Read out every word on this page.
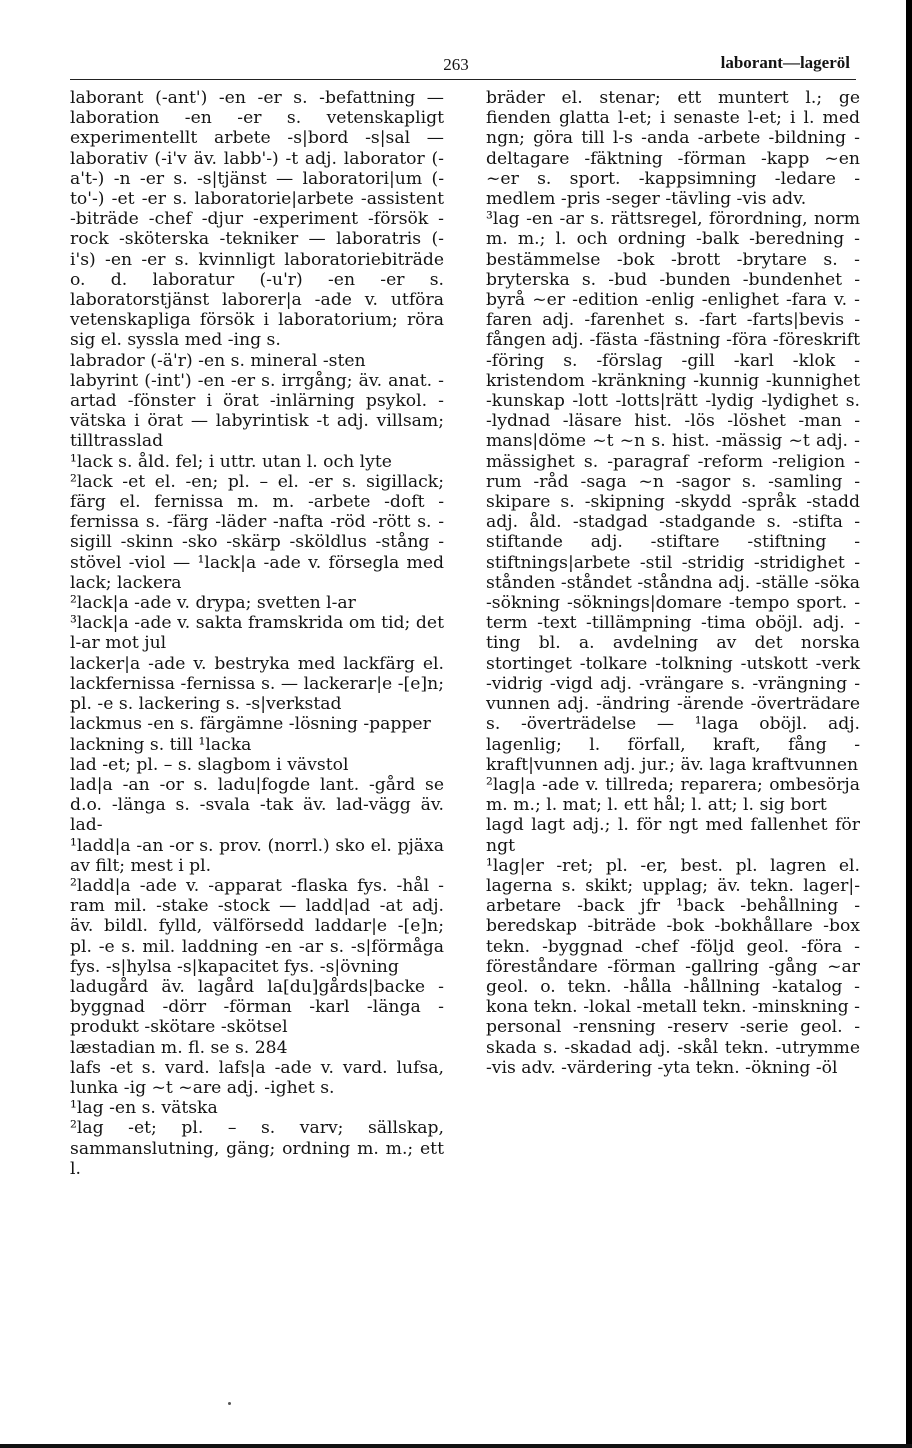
263	laborant—lageröl

laborant (-ant') -en -er s. -befattning — laboration -en -er s. vetenskapligt experimentellt arbete -s|bord -s|sal — laborativ (-i'v äv. labb'-) -t adj. laborator (-a't-) -n -er s. -s|tjänst — laboratori|um (-to'-) -et -er s. laboratorie|arbete -assistent -biträde -chef -djur -experiment -försök -rock -sköterska -tekniker — laboratris (-i's) -en -er s. kvinnligt laboratoriebiträde o. d. laboratur (-u'r) -en -er s. laboratorstjänst laborer|a -ade v. utföra vetenskapliga försök i laboratorium; röra sig el. syssla med -ing s.

labrador (-ä'r) -en s. mineral -sten

labyrint (-int') -en -er s. irrgång; äv. anat. -artad -fönster i örat -inlärning psykol. -vätska i örat — labyrintisk -t adj. villsam; tilltrasslad

¹lack s. åld. fel; i uttr. utan l. och lyte

²lack -et el. -en; pl. – el. -er s. sigillack; färg el. fernissa m. m. -arbete -doft -fernissa s. -färg -läder -nafta -röd -rött s. -sigill -skinn -sko -skärp -sköldlus -stång -stövel -viol — ¹lack|a -ade v. försegla med lack; lackera

²lack|a -ade v. drypa; svetten l-ar

³lack|a -ade v. sakta framskrida om tid; det l-ar mot jul

lacker|a -ade v. bestryka med lackfärg el. lackfernissa -fernissa s. — lackerar|e -[e]n; pl. -e s. lackering s. -s|verkstad

lackmus -en s. färgämne -lösning -papper

lackning s. till ¹lacka

lad -et; pl. – s. slagbom i vävstol

lad|a -an -or s. ladu|fogde lant. -gård se d.o. -länga s. -svala -tak äv. lad-vägg äv. lad-

¹ladd|a -an -or s. prov. (norrl.) sko el. pjäxa av filt; mest i pl.

²ladd|a -ade v. -apparat -flaska fys. -hål -ram mil. -stake -stock — ladd|ad -at adj. äv. bildl. fylld, välförsedd laddar|e -[e]n; pl. -e s. mil. laddning -en -ar s. -s|förmåga fys. -s|hylsa -s|kapacitet fys. -s|övning

ladugård äv. lagård la[du]gårds|backe -byggnad -dörr -förman -karl -länga -produkt -skötare -skötsel

læstadian m. fl. se s. 284

lafs -et s. vard. lafs|a -ade v. vard. lufsa, lunka -ig ~t ~are adj. -ighet s.

¹lag -en s. vätska

²lag -et; pl. – s. varv; sällskap, sammanslutning, gäng; ordning m. m.; ett l.

bräder el. stenar; ett muntert l.; ge fienden glatta l-et; i senaste l-et; i l. med ngn; göra till l-s -anda -arbete -bildning -deltagare -fäktning -förman -kapp ~en ~er s. sport. -kappsimning -ledare -medlem -pris -seger -tävling -vis adv.

³lag -en -ar s. rättsregel, förordning, norm m. m.; l. och ordning -balk -beredning -bestämmelse -bok -brott -brytare s. -bryterska s. -bud -bunden -bundenhet -byrå ~er -edition -enlig -enlighet -fara v. -faren adj. -farenhet s. -fart -farts|bevis -fången adj. -fästa -fästning -föra -föreskrift -föring s. -förslag -gill -karl -klok -kristendom -kränkning -kunnig -kunnighet -kunskap -lott -lotts|rätt -lydig -lydighet s. -lydnad -läsare hist. -lös -löshet -man -mans|döme ~t ~n s. hist. -mässig ~t adj. -mässighet s. -paragraf -reform -religion -rum -råd -saga ~n -sagor s. -samling -skipare s. -skipning -skydd -språk -stadd adj. åld. -stadgad -stadgande s. -stifta -stiftande adj. -stiftare -stiftning -stiftnings|arbete -stil -stridig -stridighet -stånden -ståndet -ståndna adj. -ställe -söka -sökning -söknings|domare -tempo sport. -term -text -tillämpning -tima oböjl. adj. -ting bl. a. avdelning av det norska stortinget -tolkare -tolkning -utskott -verk -vidrig -vigd adj. -vrängare s. -vrängning -vunnen adj. -ändring -ärende -överträdare s. -överträdelse — ¹laga oböjl. adj. lagenlig; l. förfall, kraft, fång -kraft|vunnen adj. jur.; äv. laga kraftvunnen

²lag|a -ade v. tillreda; reparera; ombesörja m. m.; l. mat; l. ett hål; l. att; l. sig bort

lagd lagt adj.; l. för ngt med fallenhet för ngt

¹lag|er -ret; pl. -er, best. pl. lagren el. lagerna s. skikt; upplag; äv. tekn. lager|-arbetare -back jfr ¹back -behållning -beredskap -biträde -bok -bokhållare -box tekn. -byggnad -chef -följd geol. -föra -föreståndare -förman -gallring -gång ~ar geol. o. tekn. -hålla -hållning -katalog -kona tekn. -lokal -metall tekn. -minskning -personal -rensning -reserv -serie geol. -skada s. -skadad adj. -skål tekn. -utrymme -vis adv. -värdering -yta tekn. -ökning -öl
